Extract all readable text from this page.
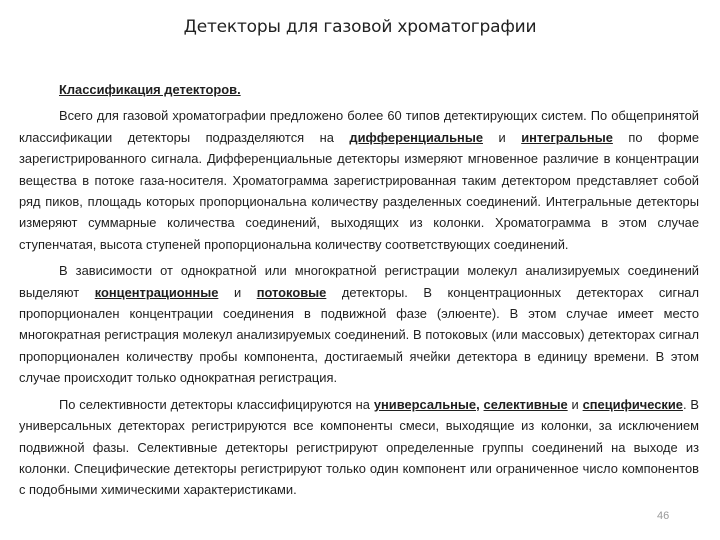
Детекторы для газовой хроматографии

Классификация детекторов.

Всего для газовой хроматографии предложено более 60 типов детектирующих систем. По общепринятой классификации детекторы подразделяются на дифференциальные и интегральные по форме зарегистрированного сигнала. Дифференциальные детекторы измеряют мгновенное различие в концентрации вещества в потоке газа-носителя. Хроматограмма зарегистрированная таким детектором представляет собой ряд пиков, площадь которых пропорциональна количеству разделенных соединений. Интегральные детекторы измеряют суммарные количества соединений, выходящих из колонки. Хроматограмма в этом случае ступенчатая, высота ступеней пропорциональна количеству соответствующих соединений.

В зависимости от однократной или многократной регистрации молекул анализируемых соединений выделяют концентрационные и потоковые детекторы. В концентрационных детекторах сигнал пропорционален концентрации соединения в подвижной фазе (элюенте). В этом случае имеет место многократная регистрация молекул анализируемых соединений. В потоковых (или массовых) детекторах сигнал пропорционален количеству пробы компонента, достигаемый ячейки детектора в единицу времени. В этом случае происходит только однократная регистрация.

По селективности детекторы классифицируются на универсальные, селективные и специфические. В универсальных детекторах регистрируются все компоненты смеси, выходящие из колонки, за исключением подвижной фазы. Селективные детекторы регистрируют определенные группы соединений на выходе из колонки. Специфические детекторы регистрируют только один компонент или ограниченное число компонентов с подобными химическими характеристиками.

46
